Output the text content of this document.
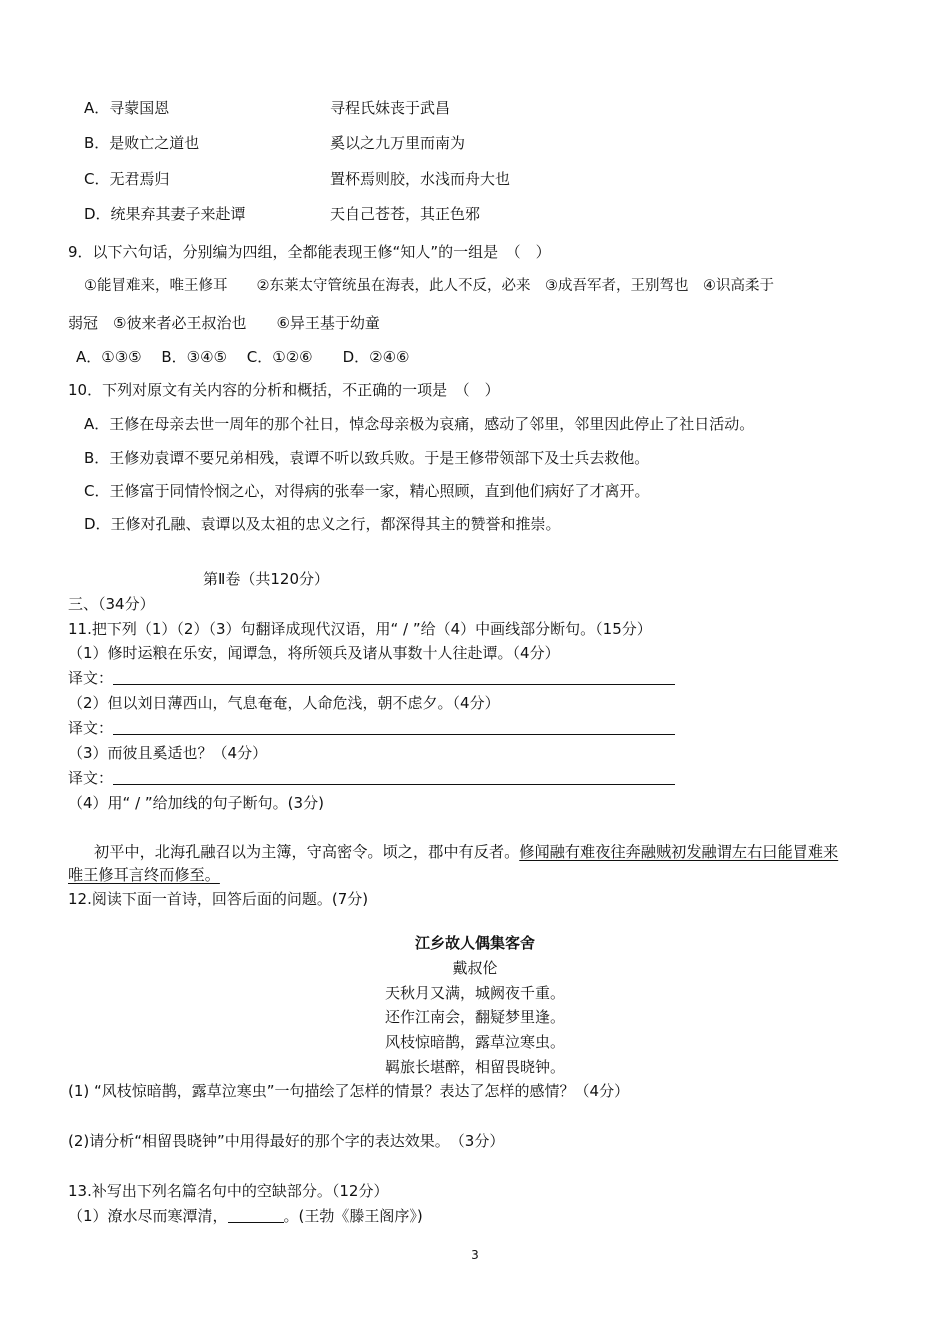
A．寻蒙国恩	寻程氏妹丧于武昌
B．是败亡之道也	奚以之九万里而南为
C．无君焉归	置杯焉则胶，水浅而舟大也
D．统果弃其妻子来赴谭	天自己苍苍，其正色邪
9．以下六句话，分别编为四组，全都能表现王修“知人”的一组是　（　）
①能冒难来，唯王修耳　　②东莱太守管统虽在海表，此人不反，必来　③成吾军者，王别驾也　④识高柔于
弱冠　⑤彼来者必王叔治也　　⑥异王基于幼童
A．①③⑤　 B．③④⑤　 C．①②⑥　　D．②④⑥
10．下列对原文有关内容的分析和概括，不正确的一项是　（　）
A．王修在母亲去世一周年的那个社日，悼念母亲极为哀痛，感动了邻里，邻里因此停止了社日活动。
B．王修劝袁谭不要兄弟相残，袁谭不听以致兵败。于是王修带领部下及士兵去救他。
C．王修富于同情怜悯之心，对得病的张奉一家，精心照顾，直到他们病好了才离开。
D．王修对孔融、袁谭以及太祖的忠义之行，都深得其主的赞誉和推崇。
第Ⅱ卷（共120分）
三、（34分）
11.把下列（1）（2）（3）句翻译成现代汉语，用“ / ”给（4）中画线部分断句。（15分）
（1）修时运粮在乐安，闻谭急，将所领兵及诸从事数十人往赴谭。（4分）
译文：
（2）但以刘日薄西山，气息奄奄，人命危浅，朝不虑夕。（4分）
译文：
（3）而彼且奚适也？（4分）
译文：
（4）用“ / ”给加线的句子断句。(3分)
初平中，北海孔融召以为主簿，守高密令。顷之，郡中有反者。修闻融有难夜往奔融贼初发融谓左右曰能冒难来
唯王修耳言终而修至。
12.阅读下面一首诗，回答后面的问题。(7分)
江乡故人偶集客舍
戴叔伦
天秋月又满，城阙夜千重。
还作江南会，翻疑梦里逢。
风枝惊暗鹊，露草泣寒虫。
羁旅长堪醉，相留畏晓钟。
(1) “风枝惊暗鹊，露草泣寒虫”一句描绘了怎样的情景？表达了怎样的感情？（4分）
(2)请分析“相留畏晓钟”中用得最好的那个字的表达效果。　（3分）
13.补写出下列名篇名句中的空缺部分。（12分）
（1）潦水尽而寒潭清，	。(王勃《滕王阁序》)
3
